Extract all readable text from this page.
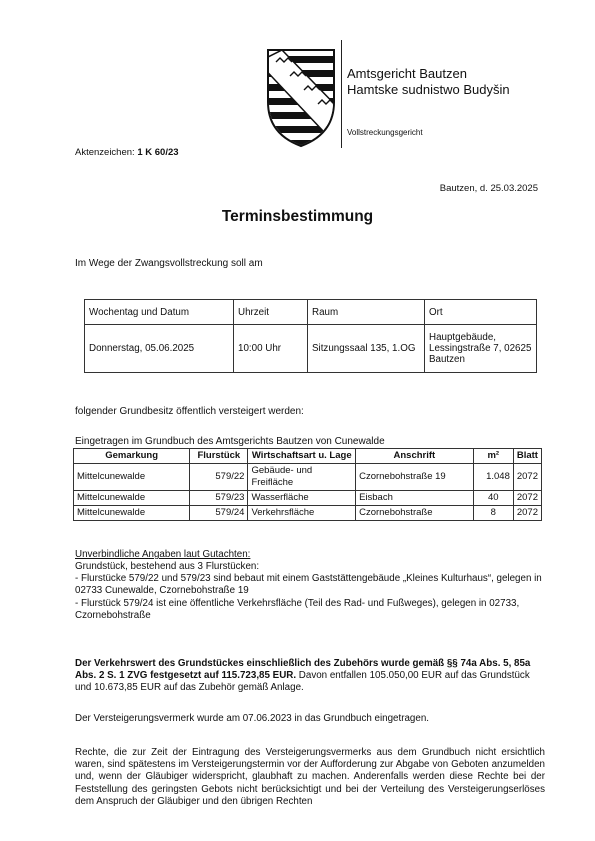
Amtsgericht Bautzen
Hamtske sudnistwo Budyšin
Vollstreckungsgericht
Aktenzeichen: 1 K 60/23
Bautzen, d. 25.03.2025
Terminsbestimmung
Im Wege der Zwangsvollstreckung soll am
Wochentag und Datum	Uhrzeit	Raum	Ort
Donnerstag, 05.06.2025	10:00 Uhr	Sitzungssaal 135, 1.OG	Hauptgebäude, Lessingstraße 7, 02625 Bautzen
folgender Grundbesitz öffentlich versteigert werden:
Eingetragen im Grundbuch des Amtsgerichts Bautzen von Cunewalde
Gemarkung	Flurstück	Wirtschaftsart u. Lage	Anschrift	m²	Blatt
Mittelcunewalde	579/22	Gebäude- und Freifläche	Czornebohstraße 19	1.048	2072
Mittelcunewalde	579/23	Wasserfläche	Eisbach	40	2072
Mittelcunewalde	579/24	Verkehrsfläche	Czornebohstraße	8	2072
Unverbindliche Angaben laut Gutachten:
Grundstück, bestehend aus 3 Flurstücken:
- Flurstücke 579/22 und 579/23 sind bebaut mit einem Gaststättengebäude „Kleines Kulturhaus“, gelegen in 02733 Cunewalde, Czornebohstraße 19
- Flurstück 579/24 ist eine öffentliche Verkehrsfläche (Teil des Rad- und Fußweges), gelegen in 02733, Czornebohstraße
Der Verkehrswert des Grundstückes einschließlich des Zubehörs wurde gemäß §§ 74a Abs. 5, 85a Abs. 2 S. 1 ZVG festgesetzt auf 115.723,85 EUR. Davon entfallen 105.050,00 EUR auf das Grundstück und 10.673,85 EUR auf das Zubehör gemäß Anlage.
Der Versteigerungsvermerk wurde am 07.06.2023 in das Grundbuch eingetragen.
Rechte, die zur Zeit der Eintragung des Versteigerungsvermerks aus dem Grundbuch nicht ersichtlich waren, sind spätestens im Versteigerungstermin vor der Aufforderung zur Abgabe von Geboten anzumelden und, wenn der Gläubiger widerspricht, glaubhaft zu machen. Anderenfalls werden diese Rechte bei der Feststellung des geringsten Gebots nicht berücksichtigt und bei der Verteilung des Versteigerungserlöses dem Anspruch der Gläubiger und den übrigen Rechten
